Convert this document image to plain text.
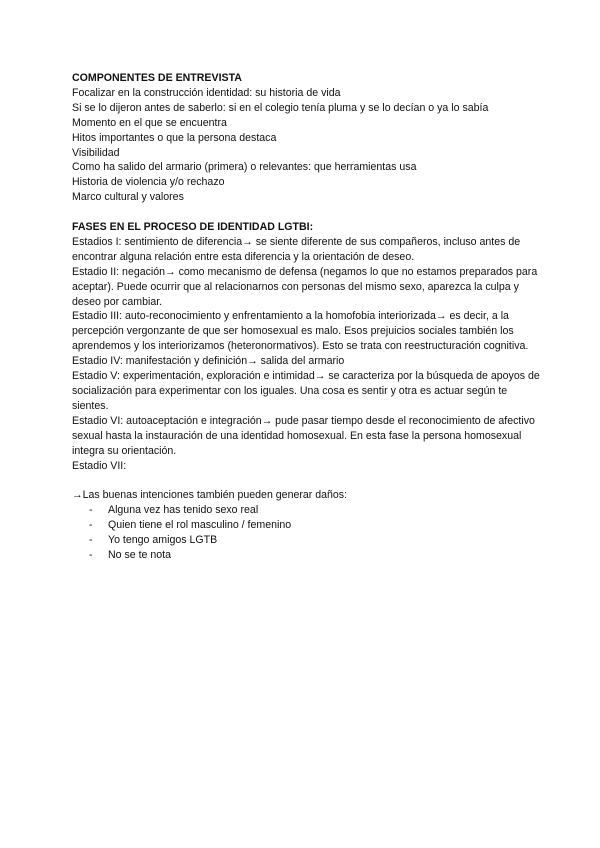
COMPONENTES DE ENTREVISTA

Focalizar en la construcción identidad: su historia de vida

Si se lo dijeron antes de saberlo: si en el colegio tenía pluma y se lo decían o ya lo sabía

Momento en el que se encuentra

Hitos importantes o que la persona destaca

Visibilidad

Como ha salido del armario (primera) o relevantes: que herramientas usa

Historia de violencia y/o rechazo

Marco cultural y valores

FASES EN EL PROCESO DE IDENTIDAD LGTBI:

Estadios I: sentimiento de diferencia→ se siente diferente de sus compañeros, incluso antes de encontrar alguna relación entre esta diferencia y la orientación de deseo.

Estadio II: negación→ como mecanismo de defensa (negamos lo que no estamos preparados para aceptar). Puede ocurrir que al relacionarnos con personas del mismo sexo, aparezca la culpa y deseo por cambiar.

Estadio III: auto-reconocimiento y enfrentamiento a la homofobia interiorizada→ es decir, a la percepción vergonzante de que ser homosexual es malo. Esos prejuicios sociales también los aprendemos y los interiorizamos (heteronormativos). Esto se trata con reestructuración cognitiva.

Estadio IV: manifestación y definición→ salida del armario

Estadio V: experimentación, exploración e intimidad→ se caracteriza por la búsqueda de apoyos de socialización para experimentar con los iguales. Una cosa es sentir y otra es actuar según te sientes.

Estadio VI: autoaceptación e integración→ pude pasar tiempo desde el reconocimiento de afectivo sexual hasta la instauración de una identidad homosexual. En esta fase la persona homosexual integra su orientación.

Estadio VII:

→Las buenas intenciones también pueden generar daños:

- Alguna vez has tenido sexo real
- Quien tiene el rol masculino / femenino
- Yo tengo amigos LGTB
- No se te nota
